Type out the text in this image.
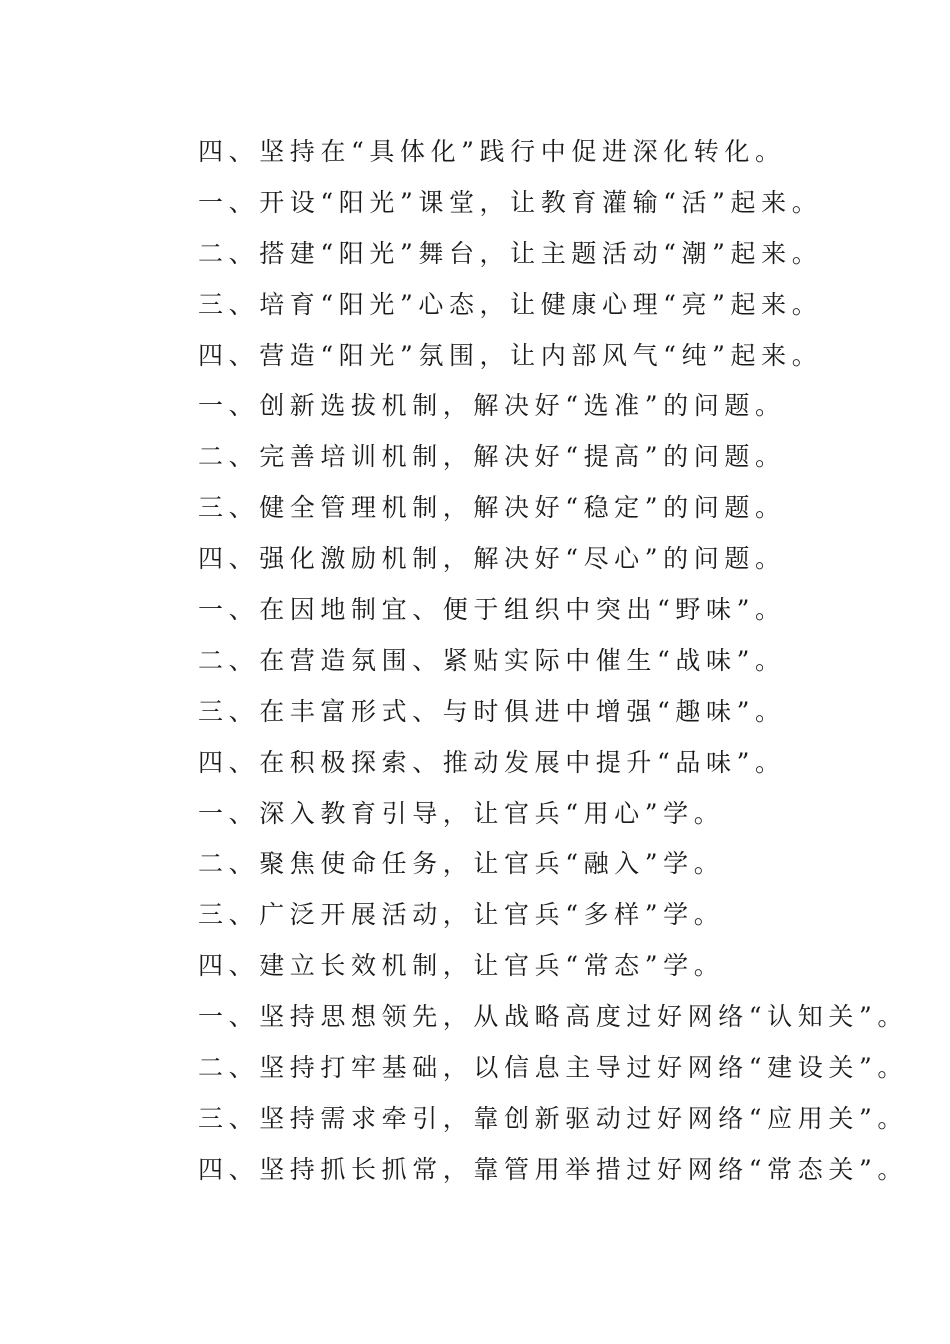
四、坚持在“具体化”践行中促进深化转化。
一、开设“阳光”课堂，让教育灌输“活”起来。
二、搭建“阳光”舞台，让主题活动“潮”起来。
三、培育“阳光”心态，让健康心理“亮”起来。
四、营造“阳光”氛围，让内部风气“纯”起来。
一、创新选拔机制，解决好“选准”的问题。
二、完善培训机制，解决好“提高”的问题。
三、健全管理机制，解决好“稳定”的问题。
四、强化激励机制，解决好“尽心”的问题。
一、在因地制宜、便于组织中突出“野味”。
二、在营造氛围、紧贴实际中催生“战味”。
三、在丰富形式、与时俱进中增强“趣味”。
四、在积极探索、推动发展中提升“品味”。
一、深入教育引导，让官兵“用心”学。
二、聚焦使命任务，让官兵“融入”学。
三、广泛开展活动，让官兵“多样”学。
四、建立长效机制，让官兵“常态”学。
一、坚持思想领先，从战略高度过好网络“认知关”。
二、坚持打牢基础，以信息主导过好网络“建设关”。
三、坚持需求牵引，靠创新驱动过好网络“应用关”。
四、坚持抓长抓常，靠管用举措过好网络“常态关”。
